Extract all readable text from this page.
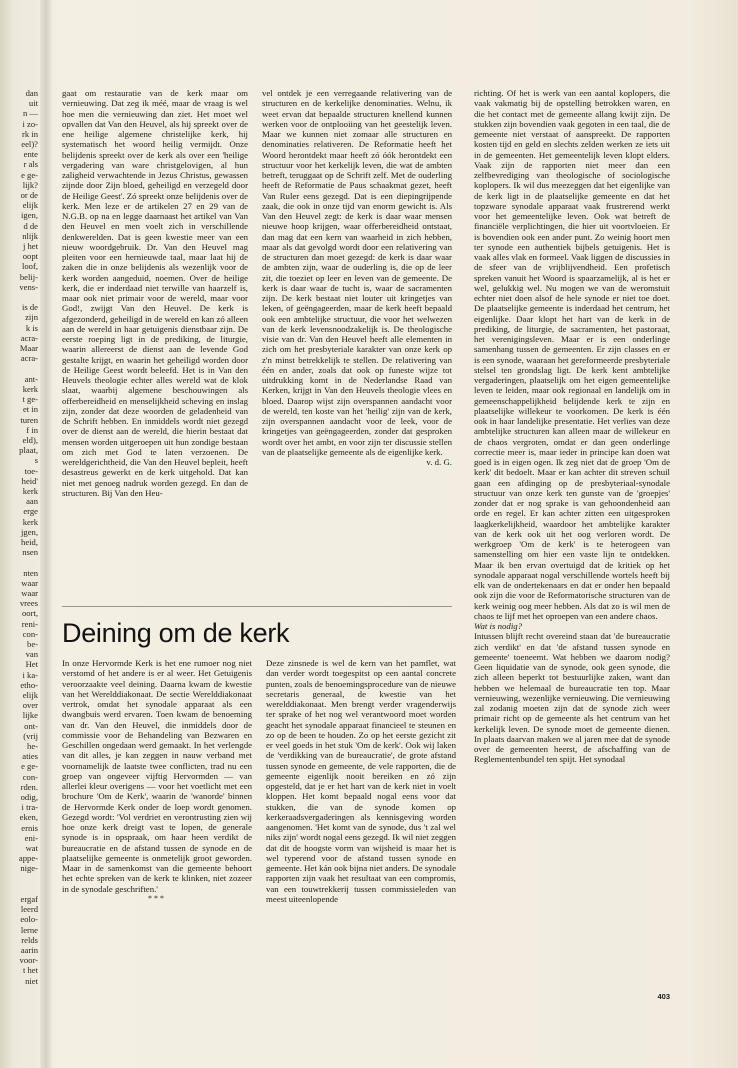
dan
uit
n —
i zo-
rk in
eel)?
ente
r als
e ge-
lijk?
or de
elijk
igen,
d de
nlijk
j het
oopt
loof,
belij-
vens-

is de
zijn
k is
acra-
Maar
acra-

ant-
kerk
t ge-
et in
turen
f in
eld),
plaat,
s
toe-
heid'
kerk
aan
erge
kerk
jgen,
heid,
nsen

nten
waar
waar
vrees
oort,
reni-
con-
be-
van
Het
i ka-
etho-
elijk
over
lijke
ont-
(vrij
he-
aties
e ge-
con-
rden.
odig,
i tra-
eken,
ernis
eni-
wat
appe-
nige-

ergaf
leerd
eolo-
lerne
relds
aarin
voor-
t het
niet

gaat om restauratie van de kerk maar om vernieuwing. Dat zeg ik méé, maar de vraag is wel hoe men die vernieuwing dan ziet. Het moet wel opvallen dat Van den Heuvel, als hij spreekt over de ene heilige algemene christelijke kerk, hij systematisch het woord heilig vermijdt. Onze belijdenis spreekt over de kerk als over een 'heilige vergadering van ware christgelovigen, al hun zaligheid verwachtende in Jezus Christus, gewassen zijnde door Zijn bloed, geheiligd en verzegeld door de Heilige Geest'. Zó spreekt onze belijdenis over de kerk. Men leze er de artikelen 27 en 29 van de N.G.B. op na en legge daarnaast het artikel van Van den Heuvel en men voelt zich in verschillende denkwerelden. Dat is geen kwestie meer van een nieuw woordgebruik. Dr. Van den Heuvel mag pleiten voor een hernieuwde taal, maar laat hij de zaken die in onze belijdenis als wezenlijk voor de kerk worden aangeduid, noemen. Over de heilige kerk, die er inderdaad niet terwille van haarzelf is, maar ook niet primair voor de wereld, maar voor God!, zwijgt Van den Heuvel. De kerk is afgezonderd, geheiligd in de wereld en kan zó alleen aan de wereld in haar getuigenis dienstbaar zijn. De eerste roeping ligt in de prediking, de liturgie, waarin allereerst de dienst aan de levende God gestalte krijgt, en waarin het geheiligd worden door de Heilige Geest wordt beleefd. Het is in Van den Heuvels theologie echter alles wereld wat de klok slaat, waarbij algemene beschouwingen als offerbereidheid en menselijkheid scheving en inslag zijn, zonder dat deze woorden de geladenheid van de Schrift hebben. En inmiddels wordt niet gezegd over de dienst aan de wereld, die hierin bestaat dat mensen worden uitgeroepen uit hun zondige bestaan om zich met God te laten verzoenen. De wereldgerichtheid, die Van den Heuvel bepleit, heeft desastreus gewerkt en de kerk uitgehold. Dat kan niet met genoeg nadruk worden gezegd. En dan de structuren. Bij Van den Heu-

vel ontdek je een verregaande relativering van de structuren en de kerkelijke denominaties. Welnu, ik weet ervan dat bepaalde structuren knellend kunnen werken voor de ontplooiing van het geestelijk leven. Maar we kunnen niet zomaar alle structuren en denominaties relativeren. De Reformatie heeft het Woord herontdekt maar heeft zó óók herontdekt een structuur voor het kerkelijk leven, die wat de ambten betreft, teruggaat op de Schrift zelf. Met de ouderling heeft de Reformatie de Paus schaakmat gezet, heeft Van Ruler eens gezegd. Dat is een diepingrijpende zaak, die ook in onze tijd van enorm gewicht is. Als Van den Heuvel zegt: de kerk is daar waar mensen nieuwe hoop krijgen, waar offerbereidheid ontstaat, dan mag dat een kern van waarheid in zich hebben, maar als dat gevolgd wordt door een relativering van de structuren dan moet gezegd: de kerk is daar waar de ambten zijn, waar de ouderling is, die op de leer zit, die toeziet op leer en leven van de gemeente. De kerk is daar waar de tucht is, waar de sacramenten zijn. De kerk bestaat niet louter uit kringetjes van leken, of geëngageerden, maar de kerk heeft bepaald ook een ambtelijke structuur, die voor het welwezen van de kerk levensnoodzakelijk is. De theologische visie van dr. Van den Heuvel heeft alle elementen in zich om het presbyteriale karakter van onze kerk op z'n minst betrekkelijk te stellen. De relativering van één en ander, zoals dat ook op funeste wijze tot uitdrukking komt in de Nederlandse Raad van Kerken, krijgt in Van den Heuvels theologie vlees en bloed. Daarop wijst zijn overspannen aandacht voor de wereld, ten koste van het 'heilig' zijn van de kerk, zijn overspannen aandacht voor de leek, voor de kringetjes van geëngageerden, zonder dat gesproken wordt over het ambt, en voor zijn ter discussie stellen van de plaatselijke gemeente als de eigenlijke kerk.

v. d. G.

richting. Of het is werk van een aantal koplopers, die vaak vakmatig bij de opstelling betrokken waren, en die het contact met de gemeente allang kwijt zijn. De stukken zijn bovendien vaak gegoten in een taal, die de gemeente niet verstaat of aanspreekt. De rapporten kosten tijd en geld en slechts zelden werken ze iets uit in de gemeenten. Het gemeentelijk leven klopt elders. Vaak zijn de rapporten niet meer dan een zelfbevrediging van theologische of sociologische koplopers. Ik wil dus meezeggen dat het eigenlijke van de kerk ligt in de plaatselijke gemeente en dat het topzware synodale apparaat vaak frustrerend werkt voor het gemeentelijke leven. Ook wat betreft de financiële verplichtingen, die hier uit voortvloeien. Er is bovendien ook een ander punt. Zo weinig hoort men ter synode een authentiek bijbels getuigenis. Het is vaak alles vlak en formeel. Vaak liggen de discussies in de sfeer van de vrijblijvendheid. Een profetisch spreken vanuit het Woord is spaarzamelijk, al is het er wel, gelukkig wel. Nu mogen we van de weromstuit echter niet doen alsof de hele synode er niet toe doet. De plaatselijke gemeente is inderdaad het centrum, het eigenlijke. Daar klopt het hart van de kerk in de prediking, de liturgie, de sacramenten, het pastoraat, het verenigingsleven. Maar er is een onderlinge samenhang tussen de gemeenten. Er zijn classes en er is een synode, waaraan het gereformeerde presbyteriale stelsel ten grondslag ligt. De kerk kent ambtelijke vergaderingen, plaatselijk om het eigen gemeentelijke leven te leiden, maar ook regionaal en landelijk om in gemeenschappelijkheid belijdende kerk te zijn en plaatselijke willekeur te voorkomen. De kerk is één ook in haar landelijke presentatie. Het verlies van deze ambtelijke structuren kan alleen maar de willekeur en de chaos vergroten, omdat er dan geen onderlinge correctie meer is, maar ieder in principe kan doen wat goed is in eigen ogen. Ik zeg niet dat de groep 'Om de kerk' dit bedoelt. Maar er kan achter dit streven schuil gaan een afdinging op de presbyteriaal-synodale structuur van onze kerk ten gunste van de 'groepjes' zonder dat er nog sprake is van gehoondenheid aan orde en regel. Er kan achter zitten een uitgesproken laagkerkelijkheid, waardoor het ambtelijke karakter van de kerk ook uit het oog verloren wordt. De werkgroep 'Om de kerk' is te heterogeen van samenstelling om hier een vaste lijn te ontdekken. Maar ik ben ervan overtuigd dat de kritiek op het synodale apparaat nogal verschillende wortels heeft bij elk van de ondertekenaars en dat er onder hen bepaald ook zijn die voor de Reformatorische structuren van de kerk weinig oog meer hebben. Als dat zo is wil men de chaos te lijf met het oproepen van een andere chaos.

Wat is nodig?

Intussen blijft recht overeind staan dat 'de bureaucratie zich verdikt' en dat 'de afstand tussen synode en gemeente' toeneemt. Wat hebben we daarom nodig? Geen liquidatie van de synode, ook geen synode, die zich alleen beperkt tot bestuurlijke zaken, want dan hebben we helemaal de bureaucratie ten top. Maar vernieuwing, wezenlijke vernieuwing. Die vernieuwing zal zodanig moeten zijn dat de synode zich weer primair richt op de gemeente als het centrum van het kerkelijk leven. De synode moet de gemeente dienen. In plaats daarvan maken we al jaren mee dat de synode over de gemeenten heerst, de afschaffing van de Reglementenbundel ten spijt. Het synodaal

Deining om de kerk

In onze Hervormde Kerk is het ene rumoer nog niet verstomd of het andere is er al weer. Het Getuigenis veroorzaakte veel deining. Daarna kwam de kwestie van het Werelddiakonaat. De sectie Werelddiakonaat vertrok, omdat het synodale apparaat als een dwangbuis werd ervaren. Toen kwam de benoeming van dr. Van den Heuvel, die inmiddels door de commissie voor de Behandeling van Bezwaren en Geschillen ongedaan werd gemaakt. In het verlengde van dit alles, je kan zeggen in nauw verband met voornamelijk de laatste twee conflicten, trad nu een groep van ongeveer vijftig Hervormden — van allerlei kleur overigens — voor het voetlicht met een brochure 'Om de Kerk', waarin de 'wanorde' binnen de Hervormde Kerk onder de loep wordt genomen. Gezegd wordt: 'Vol verdriet en verontrusting zien wij hoe onze kerk dreigt vast te lopen, de generale synode is in opspraak, om haar heen verdikt de bureaucratie en de afstand tussen de synode en de plaatselijke gemeente is onmetelijk groot geworden. Maar in de samenkomst van die gemeente behoort het echte spreken van de kerk te klinken, niet zozeer in de synodale geschriften.'

***

Deze zinsnede is wel de kern van het pamflet, wat dan verder wordt toegespitst op een aantal concrete punten, zoals de benoemingsprocedure van de nieuwe secretaris generaal, de kwestie van het werelddiakonaat. Men brengt verder vragenderwijs ter sprake of het nog wel verantwoord moet worden geacht het synodale apparaat financieel te steunen en zo op de been te houden. Zo op het eerste gezicht zit er veel goeds in het stuk 'Om de kerk'. Ook wij laken de 'verdikking van de bureaucratie', de grote afstand tussen synode en gemeente, de vele rapporten, die de gemeente eigenlijk nooit bereiken en zó zijn opgesteld, dat je er het hart van de kerk niet in voelt kloppen. Het komt bepaald nogal eens voor dat stukken, die van de synode komen op kerkeraadsvergaderingen als kennisgeving worden aangenomen. 'Het komt van de synode, dus 't zal wel niks zijn' wordt nogal eens gezegd. Ik wil niet zeggen dat dit de hoogste vorm van wijsheid is maar het is wel typerend voor de afstand tussen synode en gemeente. Het kán ook bijna niet anders. De synodale rapporten zijn vaak het resultaat van een compromis, van een touwtrekkerij tussen commissieleden van meest uiteenlopende

403
